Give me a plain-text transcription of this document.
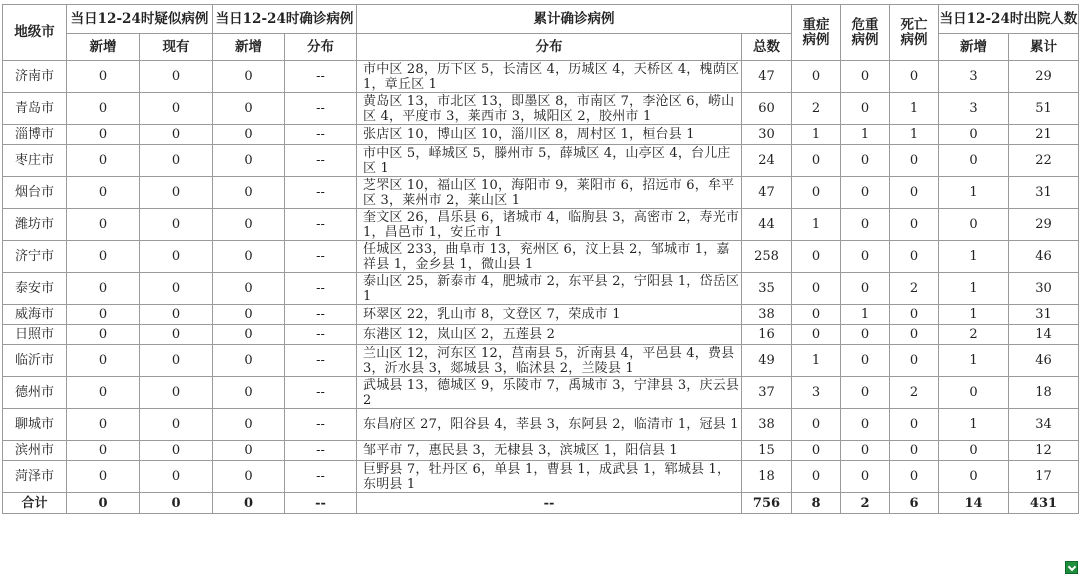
地级市	当日12-24时疑似病例		当日12-24时确诊病例		累计确诊病例		重症病例	危重病例	死亡病例	当日12-24时出院人数	
	新增	现有	新增	分布	分布	总数				新增	累计
济南市	0	0	0	--	市中区 28，历下区 5，长清区 4，历城区 4，天桥区 4，槐荫区 1，章丘区 1	47	0	0	0	3	29
青岛市	0	0	0	--	黄岛区 13，市北区 13，即墨区 8，市南区 7，李沧区 6，崂山区 4，平度市 3，莱西市 3，城阳区 2，胶州市 1	60	2	0	1	3	51
淄博市	0	0	0	--	张店区 10，博山区 10，淄川区 8，周村区 1，桓台县 1	30	1	1	1	0	21
枣庄市	0	0	0	--	市中区 5，峄城区 5，滕州市 5，薛城区 4，山亭区 4，台儿庄区 1	24	0	0	0	0	22
烟台市	0	0	0	--	芝罘区 10，福山区 10，海阳市 9，莱阳市 6，招远市 6，牟平区 3，莱州市 2，莱山区 1	47	0	0	0	1	31
潍坊市	0	0	0	--	奎文区 26，昌乐县 6，诸城市 4，临朐县 3，高密市 2，寿光市 1，昌邑市 1，安丘市 1	44	1	0	0	0	29
济宁市	0	0	0	--	任城区 233，曲阜市 13，兖州区 6，汶上县 2，邹城市 1，嘉祥县 1，金乡县 1，微山县 1	258	0	0	0	1	46
泰安市	0	0	0	--	泰山区 25，新泰市 4，肥城市 2，东平县 2，宁阳县 1，岱岳区 1	35	0	0	2	1	30
威海市	0	0	0	--	环翠区 22，乳山市 8，文登区 7，荣成市 1	38	0	1	0	1	31
日照市	0	0	0	--	东港区 12，岚山区 2，五莲县 2	16	0	0	0	2	14
临沂市	0	0	0	--	兰山区 12，河东区 12，莒南县 5，沂南县 4，平邑县 4，费县 3，沂水县 3，郯城县 3，临沭县 2，兰陵县 1	49	1	0	0	1	46
德州市	0	0	0	--	武城县 13，德城区 9，乐陵市 7，禹城市 3，宁津县 3，庆云县 2	37	3	0	2	0	18
聊城市	0	0	0	--	东昌府区 27，阳谷县 4，莘县 3，东阿县 2，临清市 1，冠县 1	38	0	0	0	1	34
滨州市	0	0	0	--	邹平市 7，惠民县 3，无棣县 3，滨城区 1，阳信县 1	15	0	0	0	0	12
菏泽市	0	0	0	--	巨野县 7，牡丹区 6，单县 1，曹县 1，成武县 1，郓城县 1，东明县 1	18	0	0	0	0	17
合计	0	0	0	--	--	756	8	2	6	14	431
